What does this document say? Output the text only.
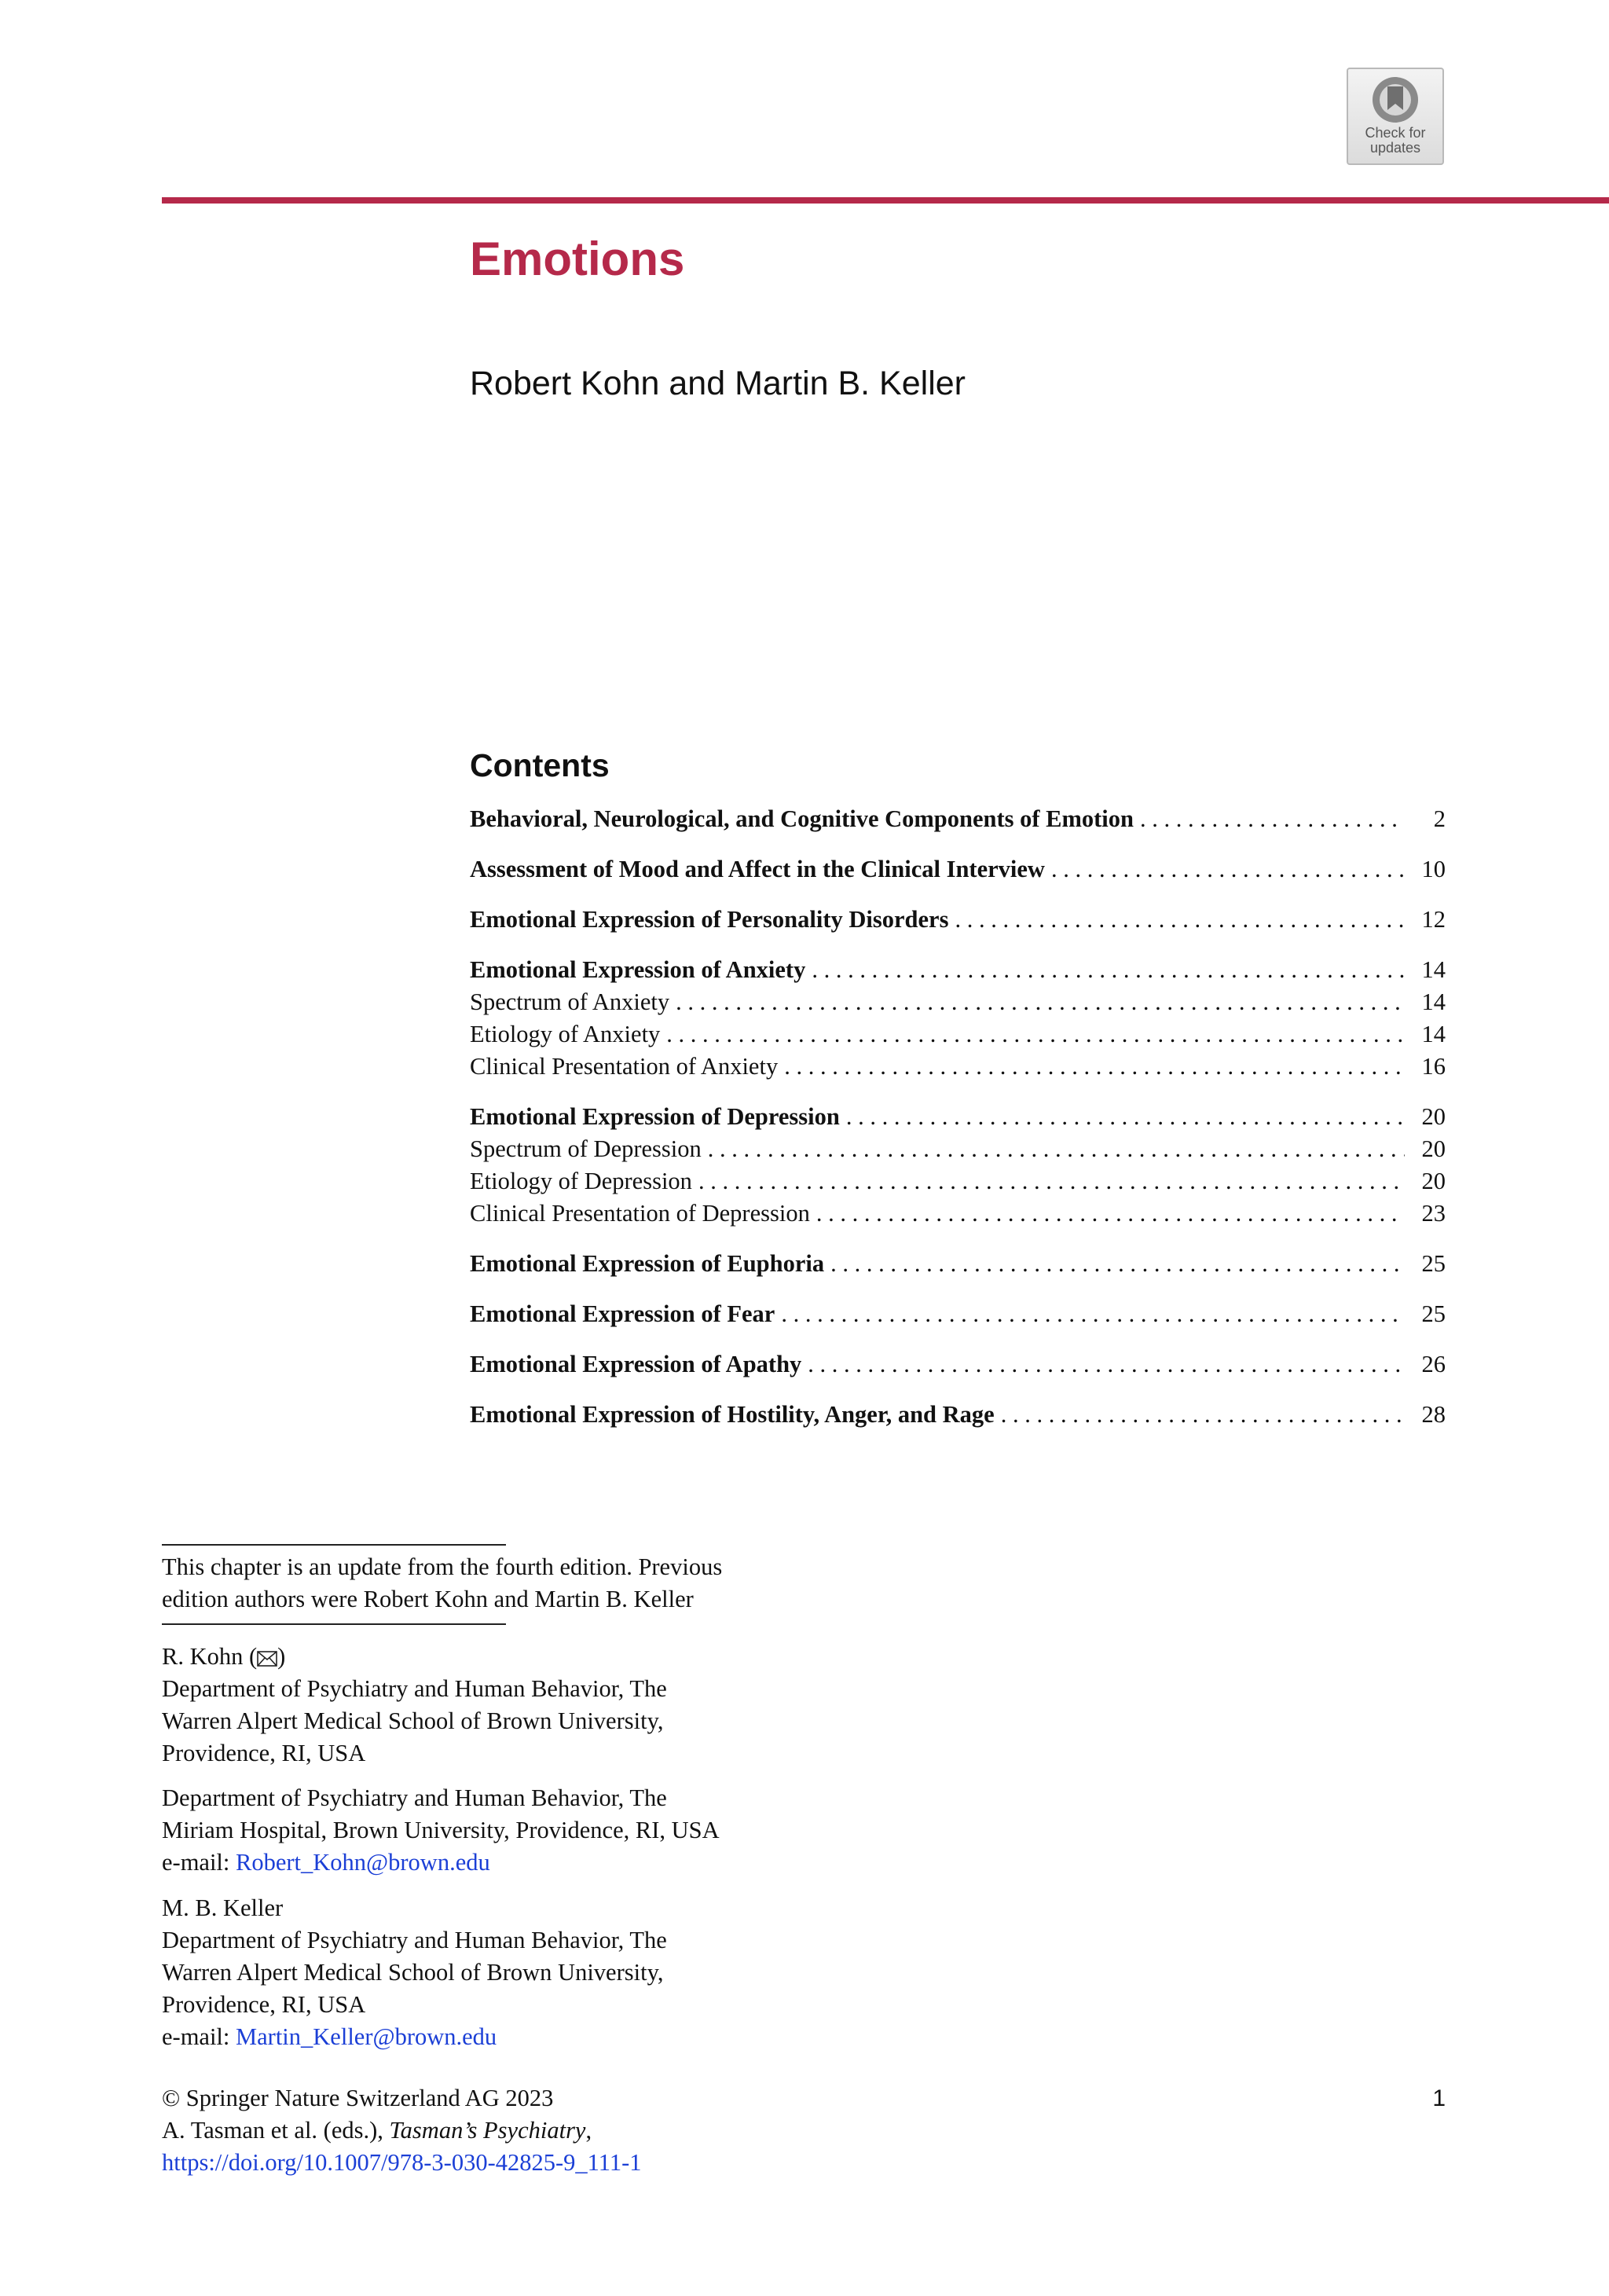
Check for
updates
Emotions
Robert Kohn and Martin B. Keller
Contents
Behavioral, Neurological, and Cognitive Components of Emotion . . .	2
Assessment of Mood and Affect in the Clinical Interview . . .	10
Emotional Expression of Personality Disorders . . .	12
Emotional Expression of Anxiety . . .	14
Spectrum of Anxiety . . .	14
Etiology of Anxiety . . .	14
Clinical Presentation of Anxiety . . .	16
Emotional Expression of Depression . . .	20
Spectrum of Depression . . .	20
Etiology of Depression . . .	20
Clinical Presentation of Depression . . .	23
Emotional Expression of Euphoria . . .	25
Emotional Expression of Fear . . .	25
Emotional Expression of Apathy . . .	26
Emotional Expression of Hostility, Anger, and Rage . . .	28
This chapter is an update from the fourth edition. Previous
edition authors were Robert Kohn and Martin B. Keller
R. Kohn ( )
Department of Psychiatry and Human Behavior, The
Warren Alpert Medical School of Brown University,
Providence, RI, USA
Department of Psychiatry and Human Behavior, The
Miriam Hospital, Brown University, Providence, RI, USA
e-mail: Robert_Kohn@brown.edu
M. B. Keller
Department of Psychiatry and Human Behavior, The
Warren Alpert Medical School of Brown University,
Providence, RI, USA
e-mail: Martin_Keller@brown.edu
© Springer Nature Switzerland AG 2023
A. Tasman et al. (eds.), Tasman’s Psychiatry,
https://doi.org/10.1007/978-3-030-42825-9_111-1
1
